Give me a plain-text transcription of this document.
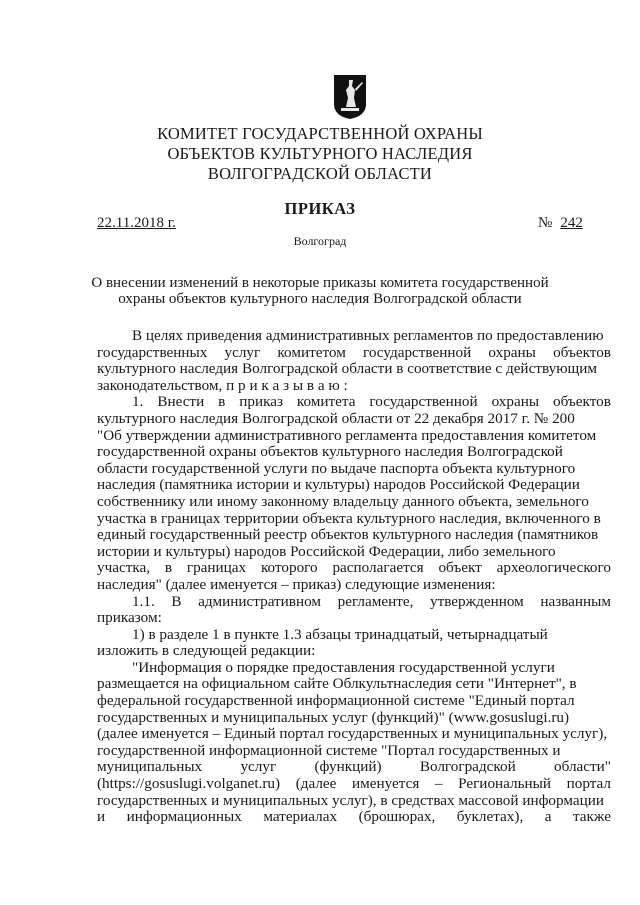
КОМИТЕТ ГОСУДАРСТВЕННОЙ ОХРАНЫ
ОБЪЕКТОВ КУЛЬТУРНОГО НАСЛЕДИЯ
ВОЛГОГРАДСКОЙ ОБЛАСТИ
ПРИКАЗ
22.11.2018 г.	№ 242
Волгоград
О внесении изменений в некоторые приказы комитета государственной
охраны объектов культурного наследия Волгоградской области
В целях приведения административных регламентов по предоставлению
государственных услуг комитетом государственной охраны объектов
культурного наследия Волгоградской области в соответствие с действующим
законодательством, п р и к а з ы в а ю :
1. Внести в приказ комитета государственной охраны объектов
культурного наследия Волгоградской области от 22 декабря 2017 г. № 200
"Об утверждении административного регламента предоставления комитетом
государственной охраны объектов культурного наследия Волгоградской
области государственной услуги по выдаче паспорта объекта культурного
наследия (памятника истории и культуры) народов Российской Федерации
собственнику или иному законному владельцу данного объекта, земельного
участка в границах территории объекта культурного наследия, включенного в
единый государственный реестр объектов культурного наследия (памятников
истории и культуры) народов Российской Федерации, либо земельного
участка, в границах которого располагается объект археологического
наследия" (далее именуется – приказ) следующие изменения:
1.1. В административном регламенте, утвержденном названным
приказом:
1) в разделе 1 в пункте 1.3 абзацы тринадцатый, четырнадцатый
изложить в следующей редакции:
"Информация о порядке предоставления государственной услуги
размещается на официальном сайте Облкультнаследия сети "Интернет", в
федеральной государственной информационной системе "Единый портал
государственных и муниципальных услуг (функций)" (www.gosuslugi.ru)
(далее именуется – Единый портал государственных и муниципальных услуг),
государственной информационной системе "Портал государственных и
муниципальных	услуг	(функций)	Волгоградской	области"
(https://gosuslugi.volganet.ru) (далее именуется – Региональный портал
государственных и муниципальных услуг), в средствах массовой информации
и информационных материалах (брошюрах, буклетах), а также
